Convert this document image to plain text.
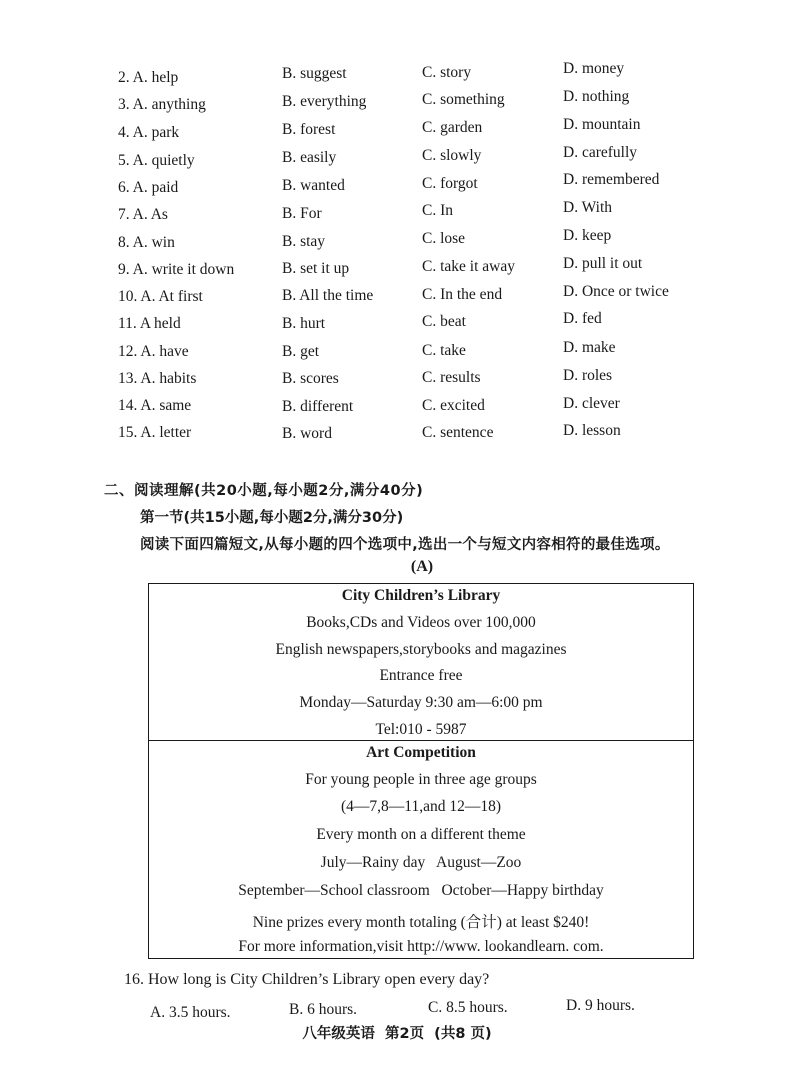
2. A. help	B. suggest	C. story	D. money
3. A. anything	B. everything	C. something	D. nothing
4. A. park	B. forest	C. garden	D. mountain
5. A. quietly	B. easily	C. slowly	D. carefully
6. A. paid	B. wanted	C. forgot	D. remembered
7. A. As	B. For	C. In	D. With
8. A. win	B. stay	C. lose	D. keep
9. A. write it down	B. set it up	C. take it away	D. pull it out
10. A. At first	B. All the time	C. In the end	D. Once or twice
11. A held	B. hurt	C. beat	D. fed
12. A. have	B. get	C. take	D. make
13. A. habits	B. scores	C. results	D. roles
14. A. same	B. different	C. excited	D. clever
15. A. letter	B. word	C. sentence	D. lesson
二、阅读理解(共20小题,每小题2分,满分40分)
第一节(共15小题,每小题2分,满分30分)
阅读下面四篇短文,从每小题的四个选项中,选出一个与短文内容相符的最佳选项。
(A)
City Children’s Library
Books,CDs and Videos over 100,000
English newspapers,storybooks and magazines
Entrance free
Monday—Saturday 9:30 am—6:00 pm
Tel:010 - 5987
Art Competition
For young people in three age groups
(4—7,8—11,and 12—18)
Every month on a different theme
July—Rainy day   August—Zoo
September—School classroom   October—Happy birthday
Nine prizes every month totaling (合计) at least $240!
For more information,visit http://www. lookandlearn. com.
16. How long is City Children’s Library open every day?
A. 3.5 hours.	B. 6 hours.	C. 8.5 hours.	D. 9 hours.
八年级英语  第2页  (共8 页)
